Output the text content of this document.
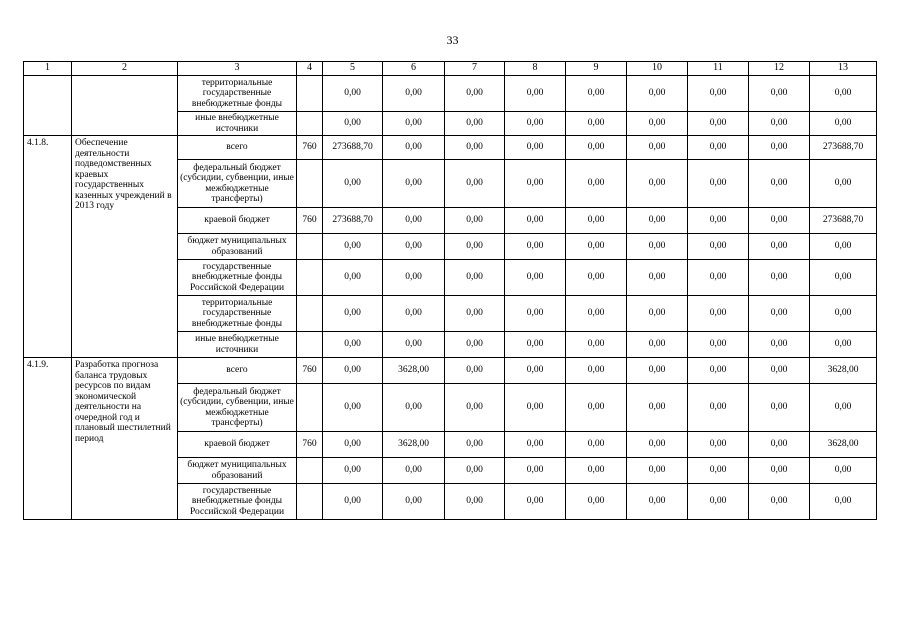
33
1	2	3	4	5	6	7	8	9	10	11	12	13
		территориальные государственные внебюджетные фонды		0,00	0,00	0,00	0,00	0,00	0,00	0,00	0,00	0,00
		иные внебюджетные источники		0,00	0,00	0,00	0,00	0,00	0,00	0,00	0,00	0,00
4.1.8.	Обеспечение деятельности подведомственных краевых государственных казенных учреждений в 2013 году	всего	760	273688,70	0,00	0,00	0,00	0,00	0,00	0,00	0,00	273688,70
		федеральный бюджет (субсидии, субвенции, иные межбюджетные трансферты)		0,00	0,00	0,00	0,00	0,00	0,00	0,00	0,00	0,00
		краевой бюджет	760	273688,70	0,00	0,00	0,00	0,00	0,00	0,00	0,00	273688,70
		бюджет муниципальных образований		0,00	0,00	0,00	0,00	0,00	0,00	0,00	0,00	0,00
		государственные внебюджетные фонды Российской Федерации		0,00	0,00	0,00	0,00	0,00	0,00	0,00	0,00	0,00
		территориальные государственные внебюджетные фонды		0,00	0,00	0,00	0,00	0,00	0,00	0,00	0,00	0,00
		иные внебюджетные источники		0,00	0,00	0,00	0,00	0,00	0,00	0,00	0,00	0,00
4.1.9.	Разработка прогноза баланса трудовых ресурсов по видам экономической деятельности на очередной год и плановый шестилетний период	всего	760	0,00	3628,00	0,00	0,00	0,00	0,00	0,00	0,00	3628,00
		федеральный бюджет (субсидии, субвенции, иные межбюджетные трансферты)		0,00	0,00	0,00	0,00	0,00	0,00	0,00	0,00	0,00
		краевой бюджет	760	0,00	3628,00	0,00	0,00	0,00	0,00	0,00	0,00	3628,00
		бюджет муниципальных образований		0,00	0,00	0,00	0,00	0,00	0,00	0,00	0,00	0,00
		государственные внебюджетные фонды Российской Федерации		0,00	0,00	0,00	0,00	0,00	0,00	0,00	0,00	0,00
